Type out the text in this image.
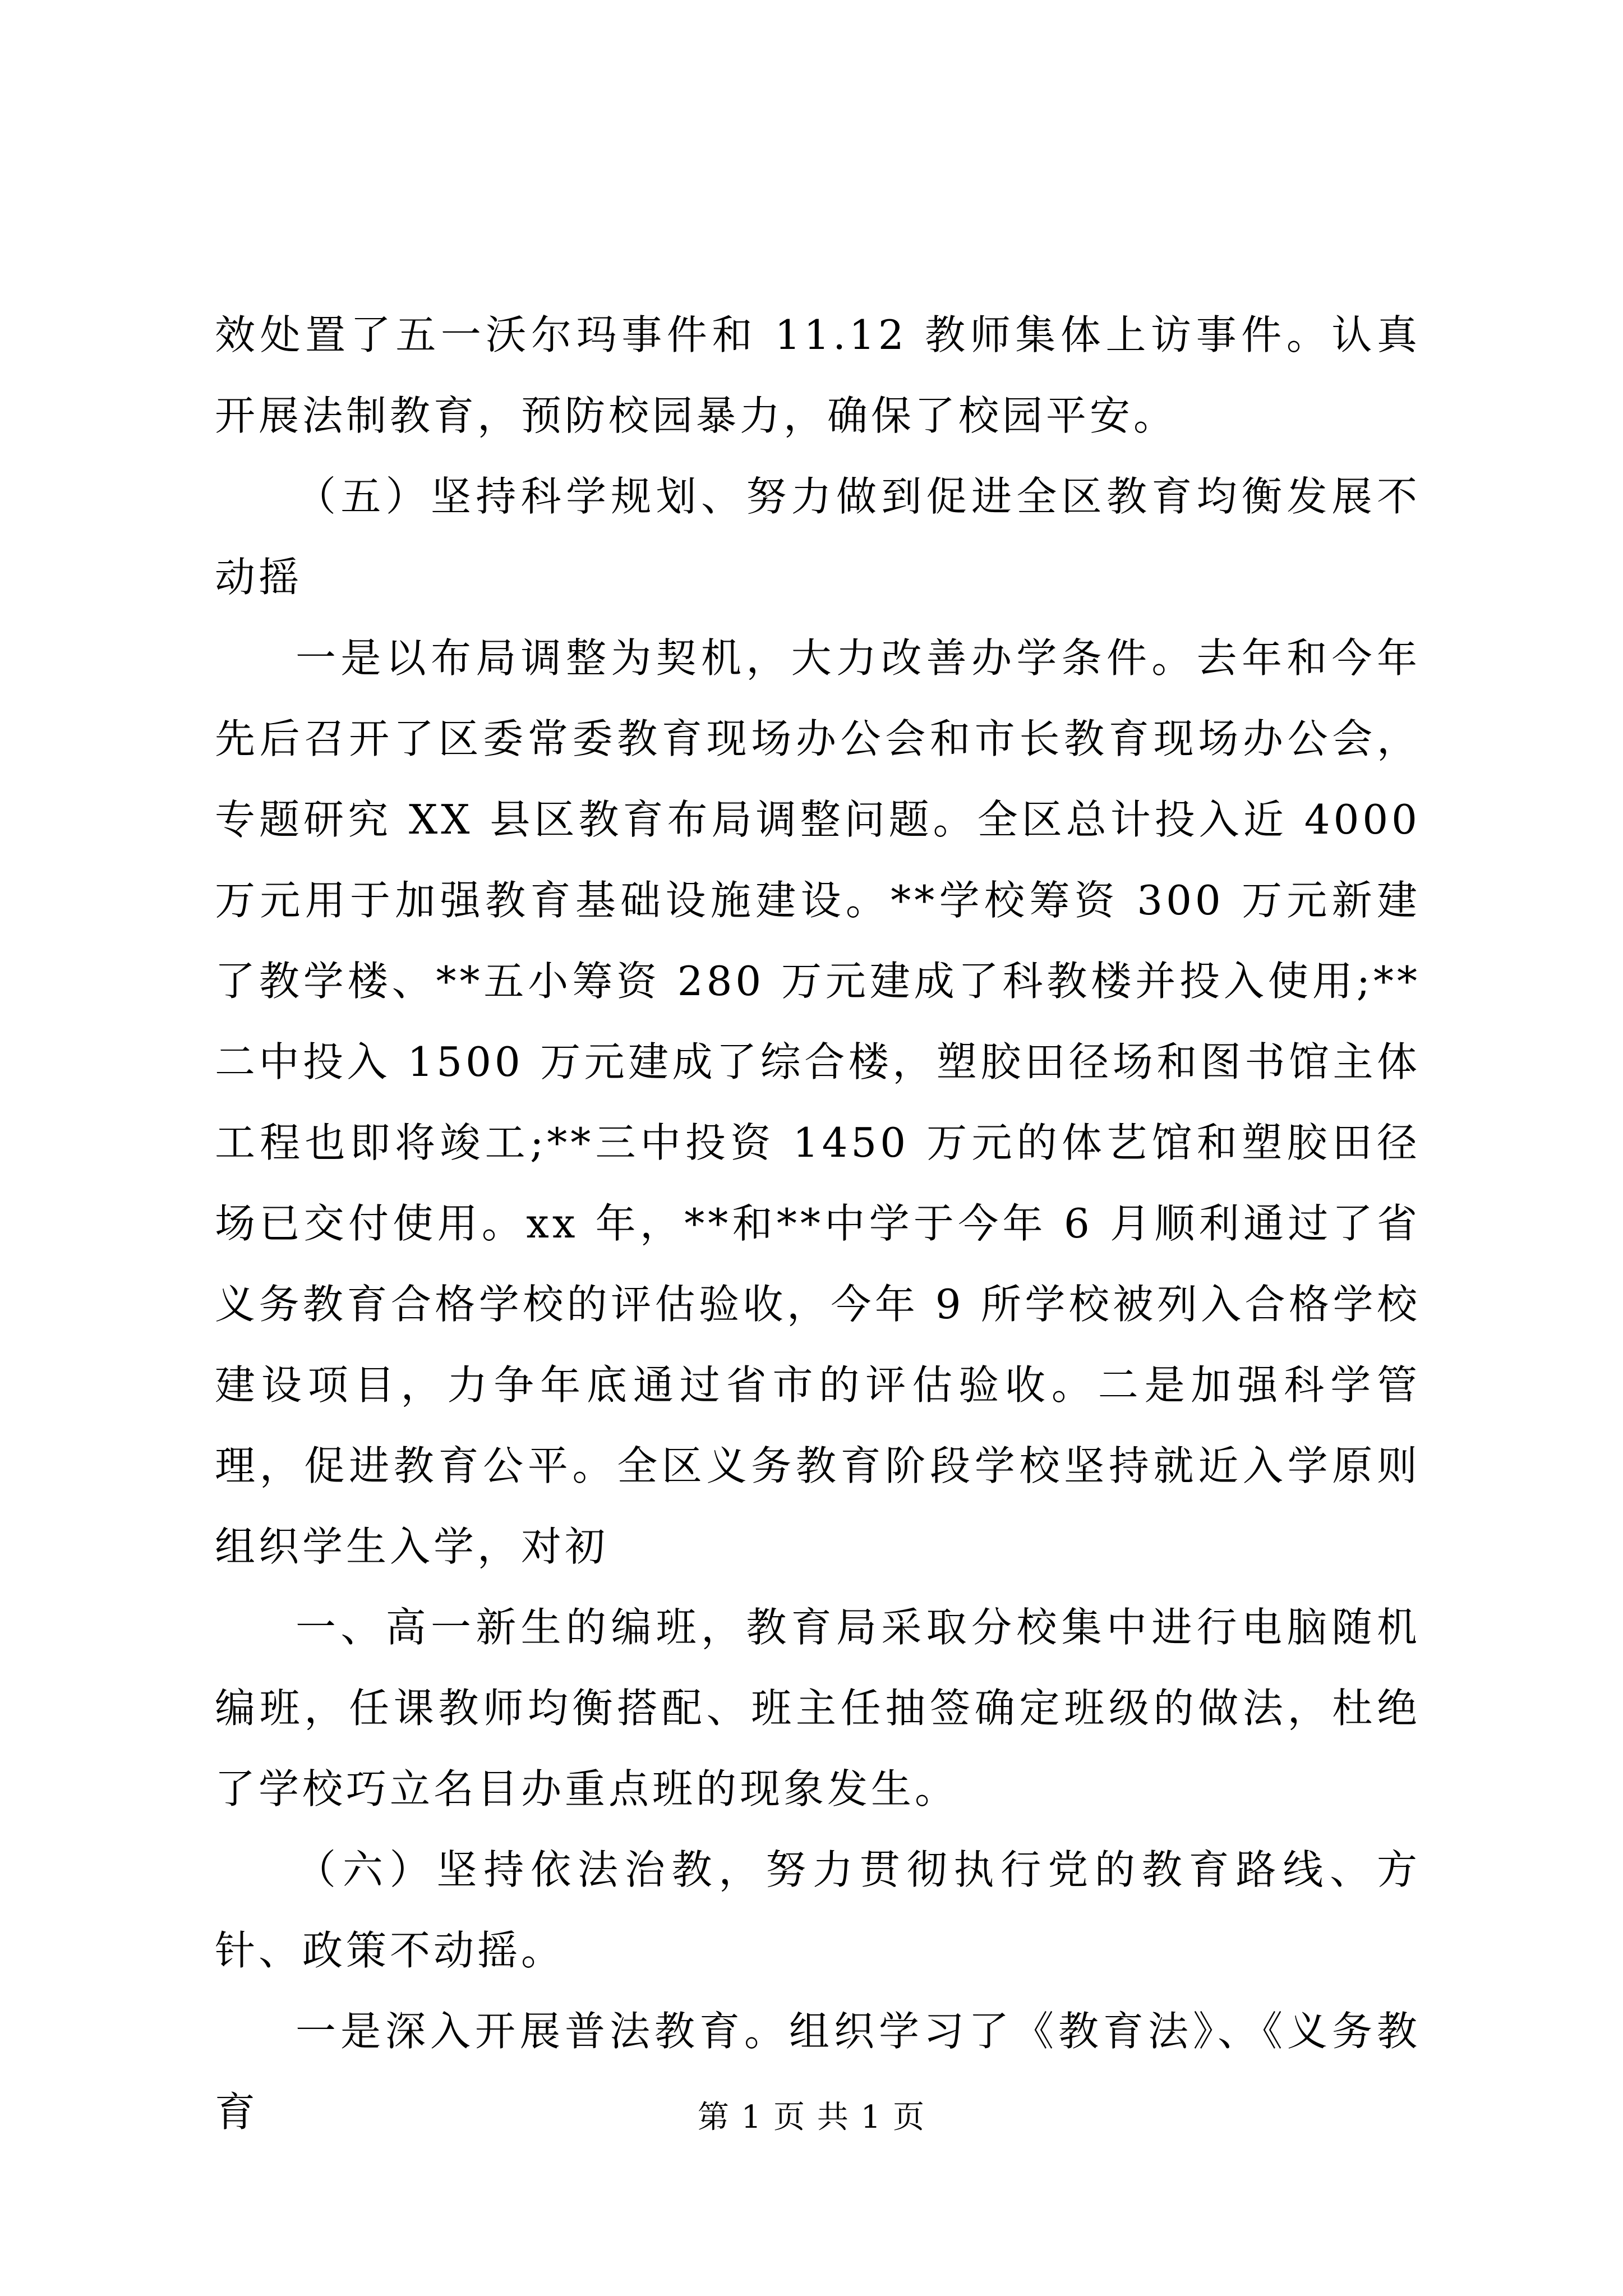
效处置了五一沃尔玛事件和 11.12 教师集体上访事件。认真开展法制教育，预防校园暴力，确保了校园平安。

（五）坚持科学规划、努力做到促进全区教育均衡发展不动摇

一是以布局调整为契机，大力改善办学条件。去年和今年先后召开了区委常委教育现场办公会和市长教育现场办公会，专题研究 XX 县区教育布局调整问题。全区总计投入近 4000 万元用于加强教育基础设施建设。**学校筹资 300 万元新建了教学楼、**五小筹资 280 万元建成了科教楼并投入使用;**二中投入 1500 万元建成了综合楼，塑胶田径场和图书馆主体工程也即将竣工;**三中投资 1450 万元的体艺馆和塑胶田径场已交付使用。xx 年，**和**中学于今年 6 月顺利通过了省义务教育合格学校的评估验收，今年 9 所学校被列入合格学校建设项目，力争年底通过省市的评估验收。二是加强科学管理，促进教育公平。全区义务教育阶段学校坚持就近入学原则组织学生入学，对初

一、高一新生的编班，教育局采取分校集中进行电脑随机编班，任课教师均衡搭配、班主任抽签确定班级的做法，杜绝了学校巧立名目办重点班的现象发生。

（六）坚持依法治教，努力贯彻执行党的教育路线、方针、政策不动摇。

一是深入开展普法教育。组织学习了《教育法》、《义务教育	第 1 页 共 1 页
